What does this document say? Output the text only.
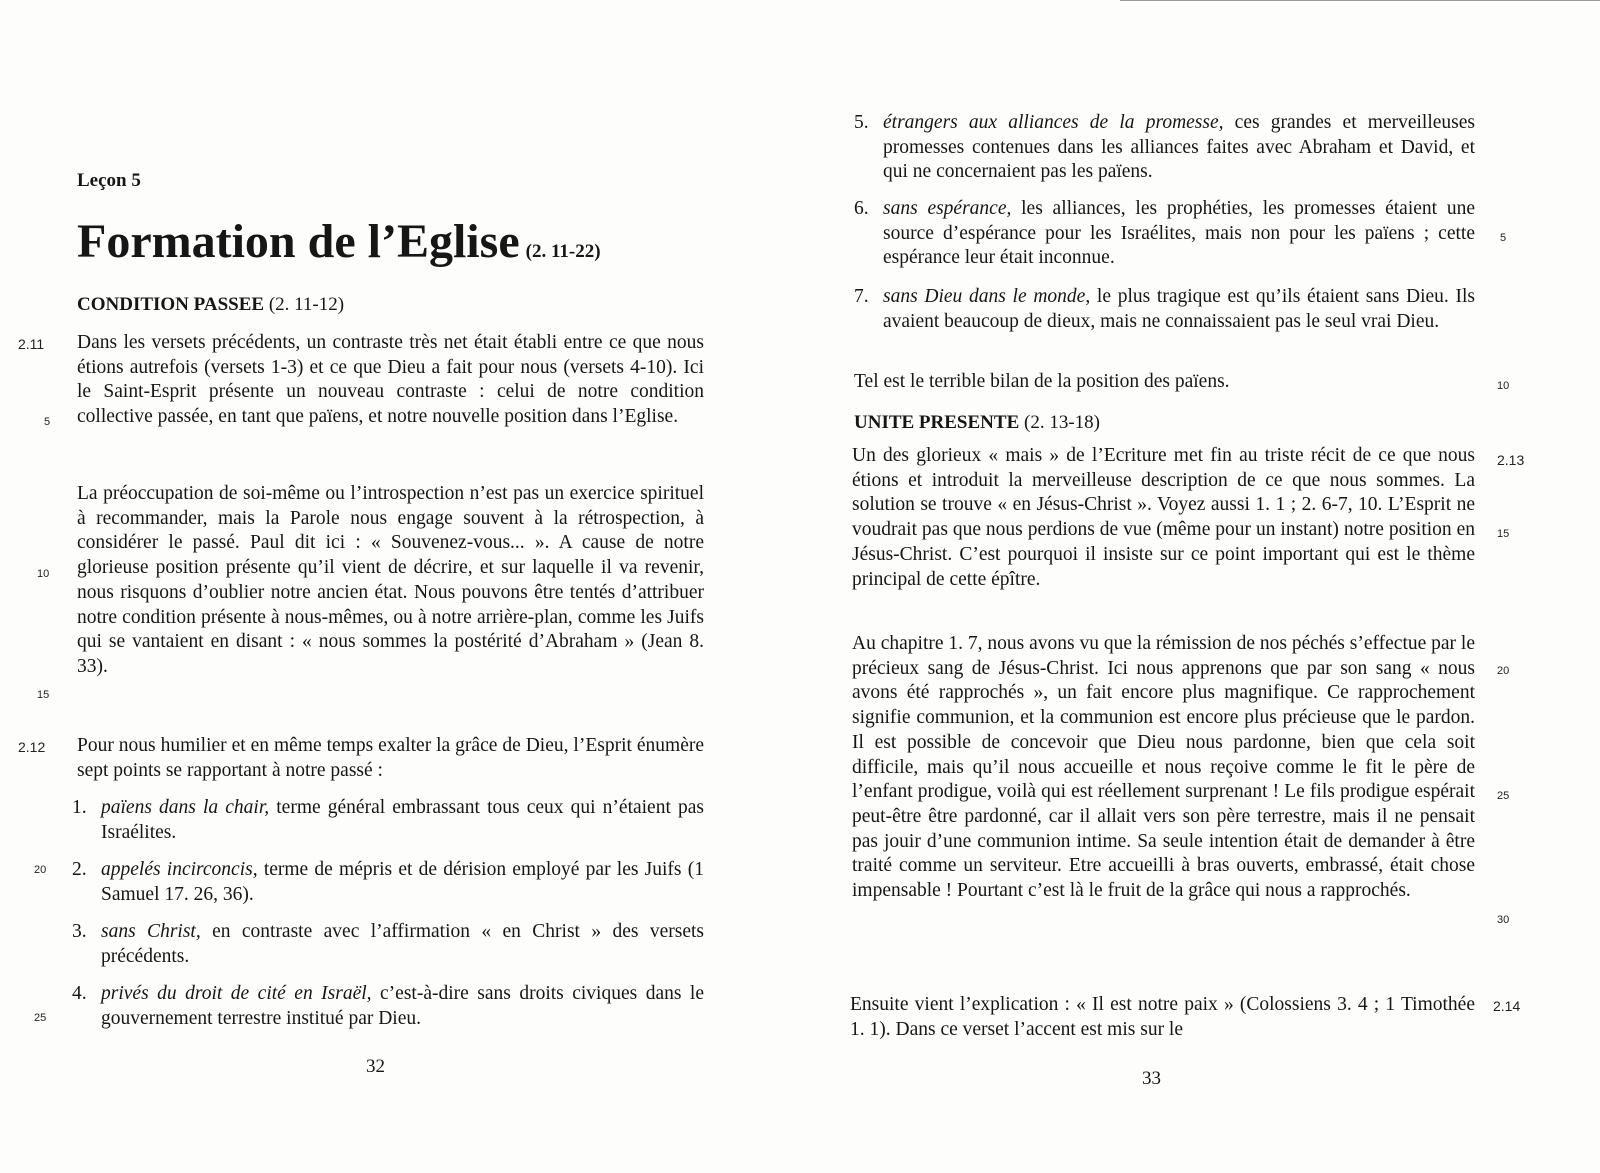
Leçon 5
Formation de l’Eglise (2. 11-22)
CONDITION PASSEE (2. 11-12)

Dans les versets précédents, un contraste très net était établi entre ce que nous étions autrefois (versets 1-3) et ce que Dieu a fait pour nous (versets 4-10). Ici le Saint-Esprit présente un nouveau contraste : celui de notre condition collective passée, en tant que païens, et notre nouvelle position dans l’Eglise.

La préoccupation de soi-même ou l’introspection n’est pas un exercice spirituel à recommander, mais la Parole nous engage souvent à la rétrospection, à considérer le passé. Paul dit ici : « Souvenez-vous... ». A cause de notre glorieuse position présente qu’il vient de décrire, et sur laquelle il va revenir, nous risquons d’oublier notre ancien état. Nous pouvons être tentés d’attribuer notre condition présente à nous-mêmes, ou à notre arrière-plan, comme les Juifs qui se vantaient en disant : « nous sommes la postérité d’Abraham » (Jean 8. 33).

Pour nous humilier et en même temps exalter la grâce de Dieu, l’Esprit énumère sept points se rapportant à notre passé :

1. païens dans la chair, terme général embrassant tous ceux qui n’étaient pas Israélites.
2. appelés incirconcis, terme de mépris et de dérision employé par les Juifs (1 Samuel 17. 26, 36).
3. sans Christ, en contraste avec l’affirmation « en Christ » des versets précédents.
4. privés du droit de cité en Israël, c’est-à-dire sans droits civiques dans le gouvernement terrestre institué par Dieu.
2.11
2.12
5
10
15
20
25
32
5. étrangers aux alliances de la promesse, ces grandes et merveilleuses promesses contenues dans les alliances faites avec Abraham et David, et qui ne concernaient pas les païens.
6. sans espérance, les alliances, les prophéties, les promesses étaient une source d’espérance pour les Israélites, mais non pour les païens ; cette espérance leur était inconnue.
7. sans Dieu dans le monde, le plus tragique est qu’ils étaient sans Dieu. Ils avaient beaucoup de dieux, mais ne connaissaient pas le seul vrai Dieu.

Tel est le terrible bilan de la position des païens.

UNITE PRESENTE (2. 13-18)

Un des glorieux « mais » de l’Ecriture met fin au triste récit de ce que nous étions et introduit la merveilleuse description de ce que nous sommes. La solution se trouve « en Jésus-Christ ». Voyez aussi 1. 1 ; 2. 6-7, 10. L’Esprit ne voudrait pas que nous perdions de vue (même pour un instant) notre position en Jésus-Christ. C’est pourquoi il insiste sur ce point important qui est le thème principal de cette épître.

Au chapitre 1. 7, nous avons vu que la rémission de nos péchés s’effectue par le précieux sang de Jésus-Christ. Ici nous apprenons que par son sang « nous avons été rapprochés », un fait encore plus magnifique. Ce rapprochement signifie communion, et la communion est encore plus précieuse que le pardon. Il est possible de concevoir que Dieu nous pardonne, bien que cela soit difficile, mais qu’il nous accueille et nous reçoive comme le fit le père de l’enfant prodigue, voilà qui est réellement surprenant ! Le fils prodigue espérait peut-être être pardonné, car il allait vers son père terrestre, mais il ne pensait pas jouir d’une communion intime. Sa seule intention était de demander à être traité comme un serviteur. Etre accueilli à bras ouverts, embrassé, était chose impensable ! Pourtant c’est là le fruit de la grâce qui nous a rapprochés.

Ensuite vient l’explication : « Il est notre paix » (Colossiens 3. 4 ; 1 Timothée 1. 1). Dans ce verset l’accent est mis sur le

2.13
2.14
5
10
15
20
25
30
33
